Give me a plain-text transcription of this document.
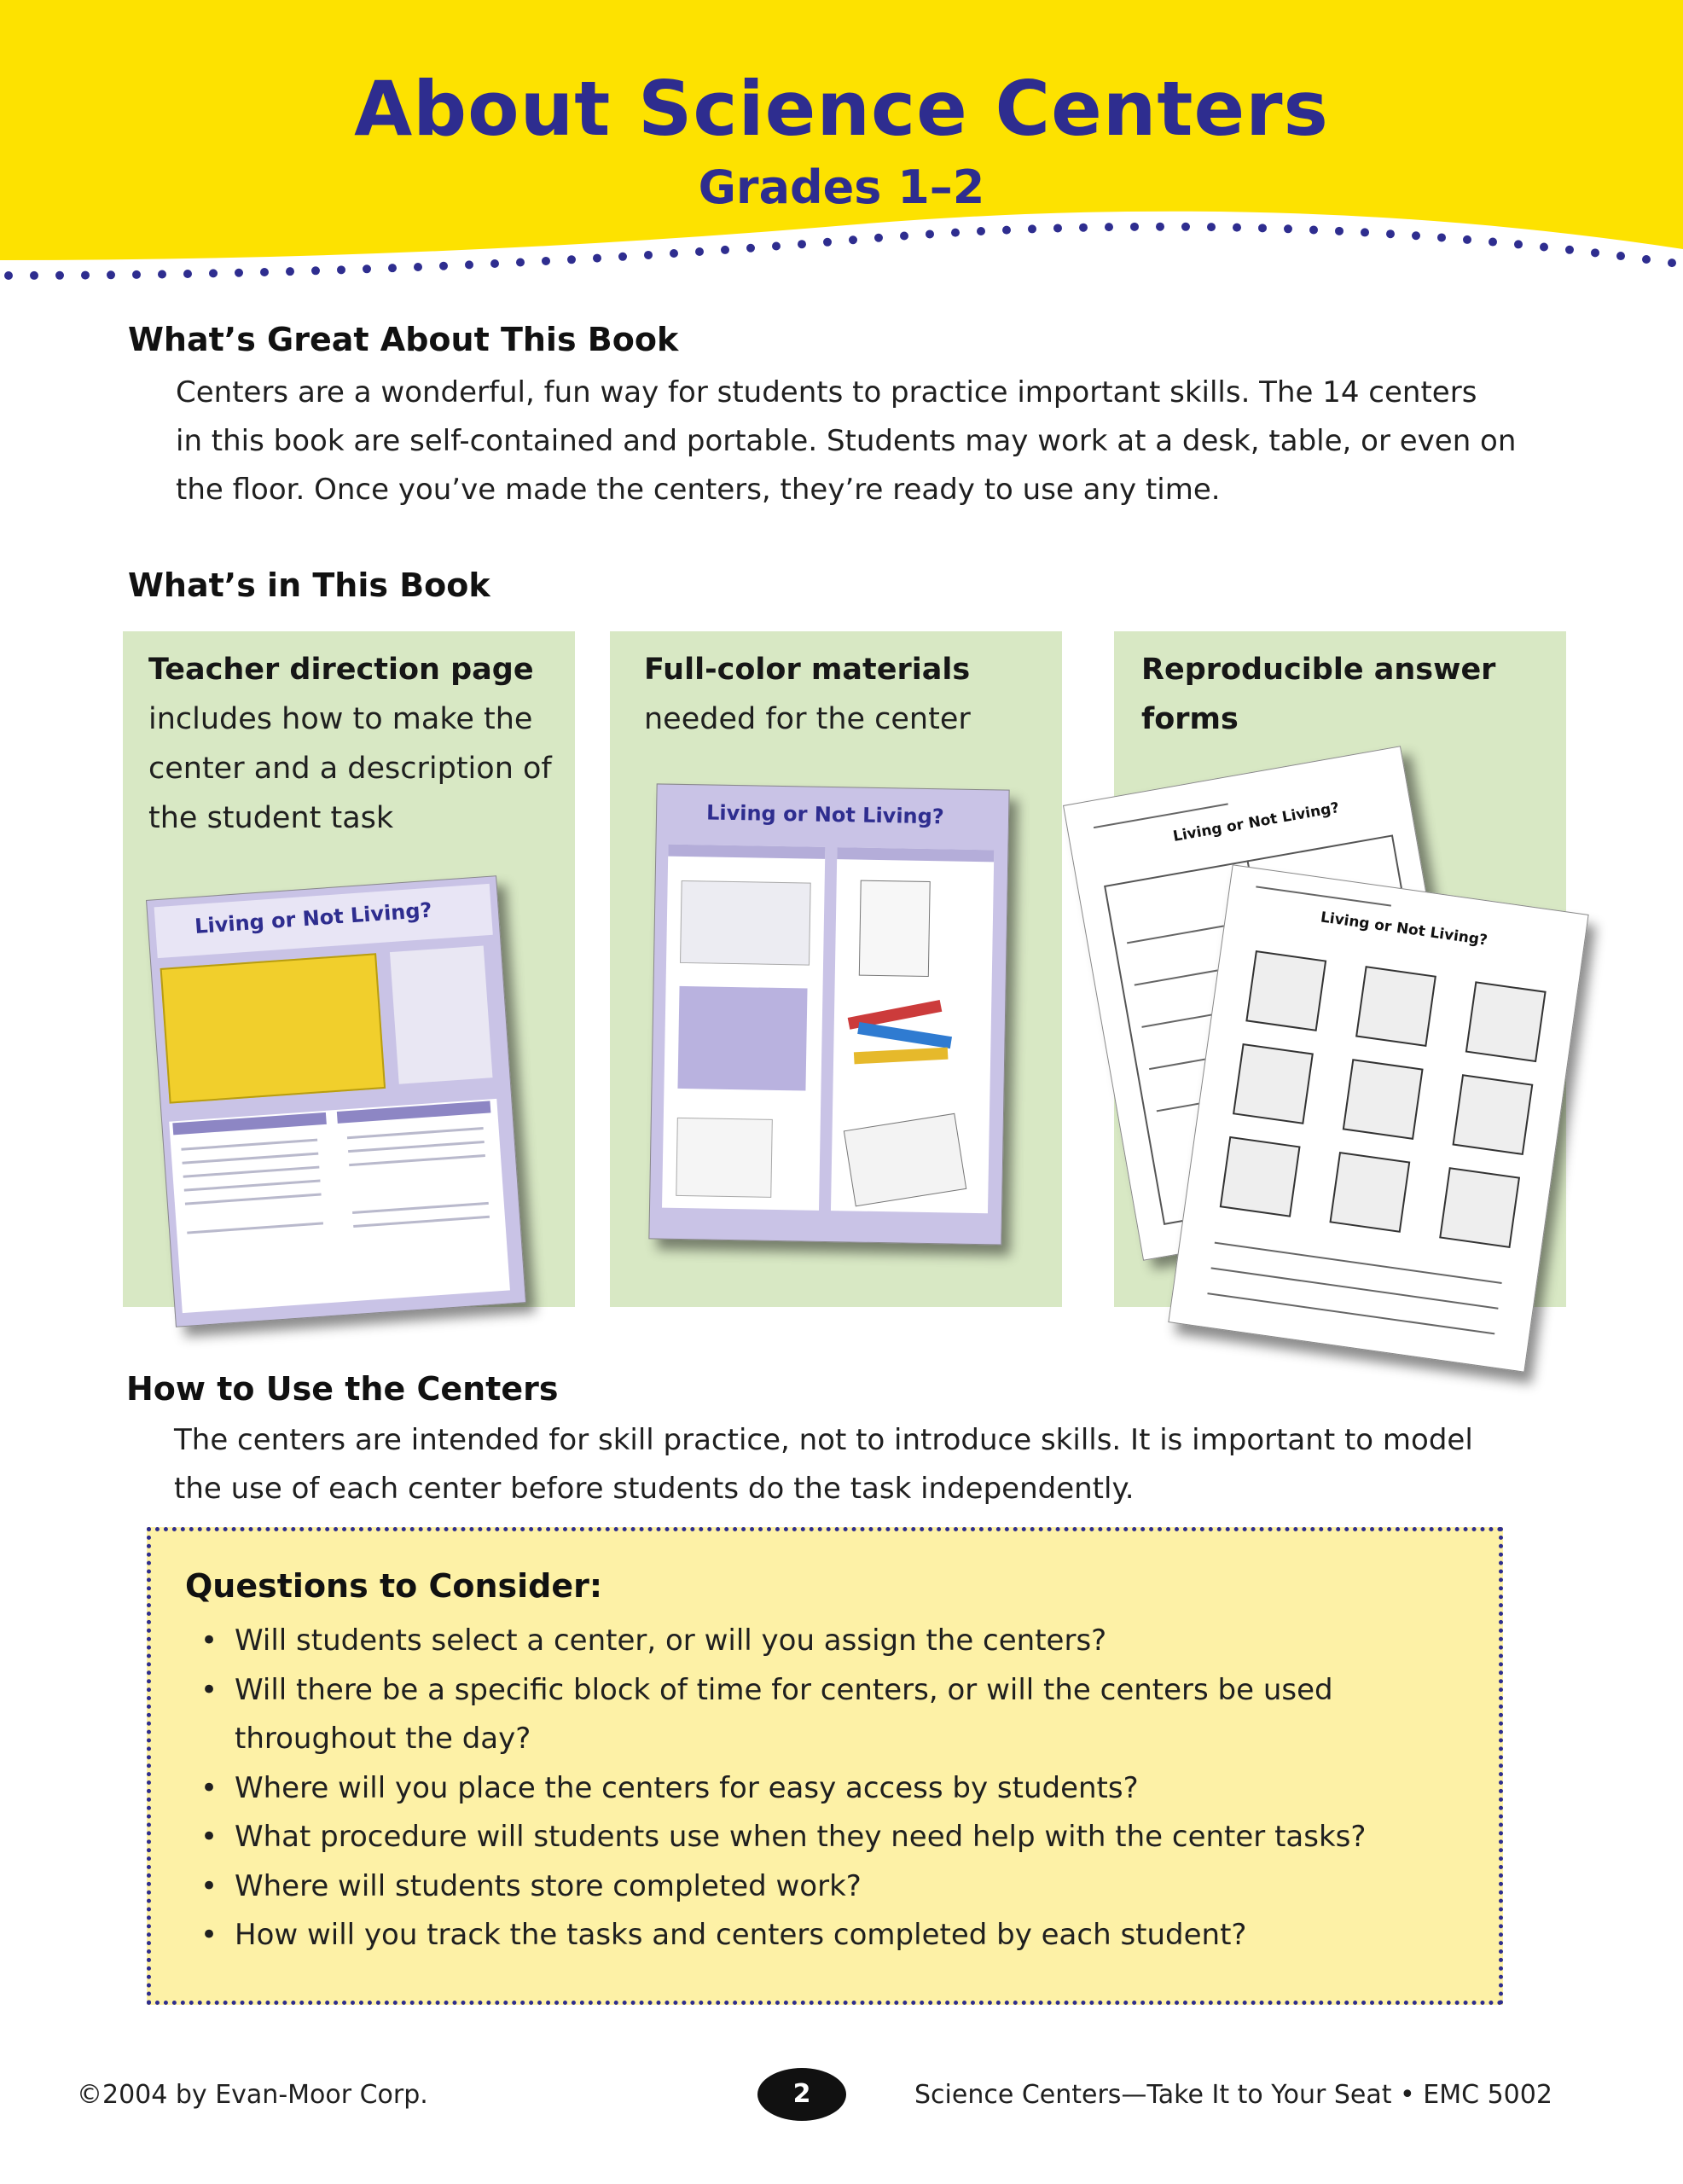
About Science Centers
Grades 1–2
What’s Great About This Book
Centers are a wonderful, fun way for students to practice important skills. The 14 centers
in this book are self-contained and portable. Students may work at a desk, table, or even on
the floor. Once you’ve made the centers, they’re ready to use any time.
What’s in This Book
Teacher direction page
includes how to make the
center and a description of
the student task
Living or Not Living?
Full-color materials
needed for the center
Living or Not Living?
Reproducible answer
forms
Living or Not Living?
Living or Not Living?
How to Use the Centers
The centers are intended for skill practice, not to introduce skills. It is important to model
the use of each center before students do the task independently.
Questions to Consider:
• Will students select a center, or will you assign the centers?
• Will there be a specific block of time for centers, or will the centers be used
throughout the day?
• Where will you place the centers for easy access by students?
• What procedure will students use when they need help with the center tasks?
• Where will students store completed work?
• How will you track the tasks and centers completed by each student?
©2004 by Evan-Moor Corp.	2	Science Centers—Take It to Your Seat • EMC 5002
